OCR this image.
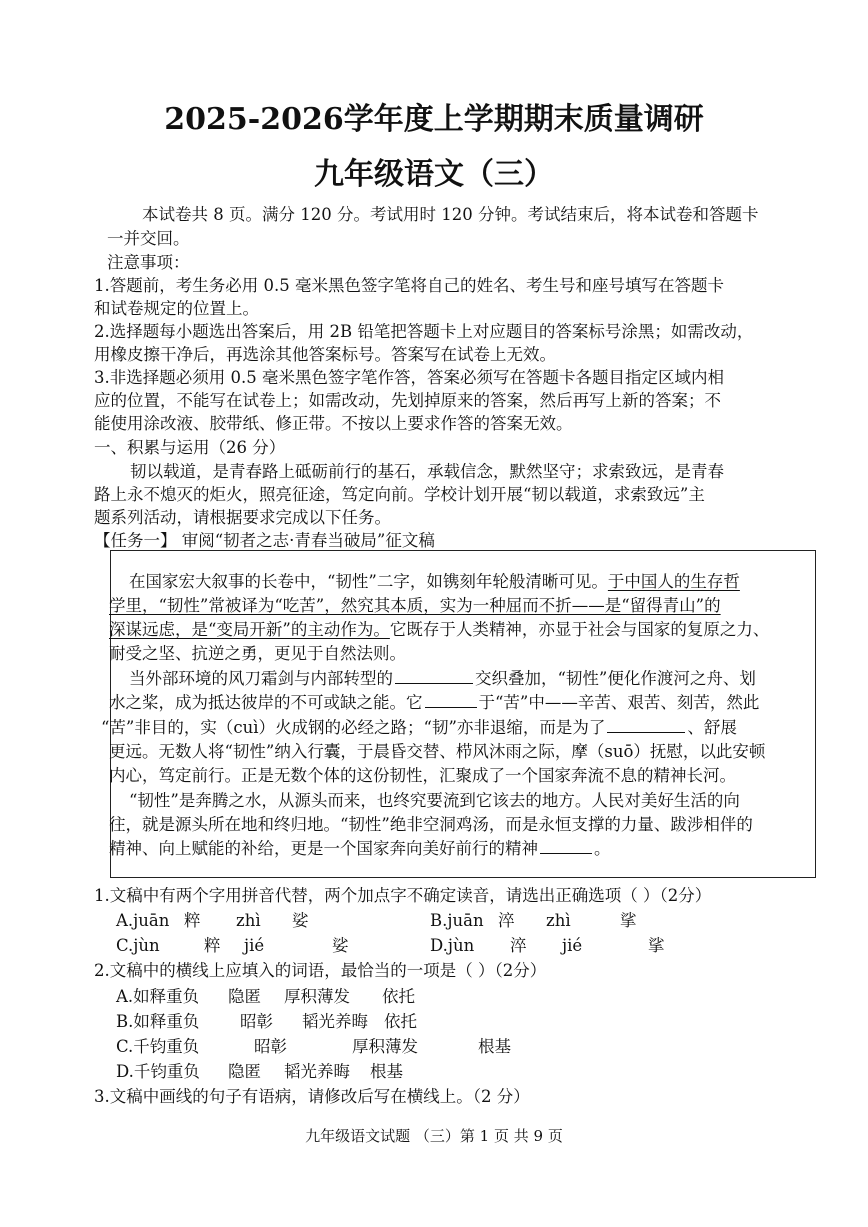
2025-2026学年度上学期期末质量调研
九年级语文（三）
本试卷共 8 页。满分 120 分。考试用时 120 分钟。考试结束后，将本试卷和答题卡
一并交回。
注意事项：
1.答题前，考生务必用 0.5 毫米黑色签字笔将自己的姓名、考生号和座号填写在答题卡
和试卷规定的位置上。
2.选择题每小题选出答案后，用 2B 铅笔把答题卡上对应题目的答案标号涂黑；如需改动，
用橡皮擦干净后，再选涂其他答案标号。答案写在试卷上无效。
3.非选择题必须用 0.5 毫米黑色签字笔作答，答案必须写在答题卡各题目指定区域内相
应的位置，不能写在试卷上；如需改动，先划掉原来的答案，然后再写上新的答案；不
能使用涂改液、胶带纸、修正带。不按以上要求作答的答案无效。
一、积累与运用（26 分）
韧以载道，是青春路上砥砺前行的基石，承载信念，默然坚守；求索致远，是青春
路上永不熄灭的炬火，照亮征途，笃定向前。学校计划开展“韧以载道，求索致远”主
题系列活动，请根据要求完成以下任务。
【任务一】 审阅“韧者之志·青春当破局”征文稿
在国家宏大叙事的长卷中，“韧性”二字，如镌刻年轮般清晰可见。于中国人的生存哲
学里，“韧性”常被译为“吃苦”，然究其本质，实为一种屈而不折——是“留得青山”的
深谋远虑，是“变局开新”的主动作为。它既存于人类精神，亦显于社会与国家的复原之力、
耐受之坚、抗逆之勇，更见于自然法则。
当外部环境的风刀霜剑与内部转型的	交织叠加，“韧性”便化作渡河之舟、划
水之桨，成为抵达彼岸的不可或缺之能。它	于“苦”中——辛苦、艰苦、刻苦，然此
“苦”非目的，实（cuì）火成钢的必经之路；“韧”亦非退缩，而是为了	、舒展
更远。无数人将“韧性”纳入行囊，于晨昏交替、栉风沐雨之际，摩（suō）抚慰，以此安顿
内心，笃定前行。正是无数个体的这份韧性，汇聚成了一个国家奔流不息的精神长河。
“韧性”是奔腾之水，从源头而来，也终究要流到它该去的地方。人民对美好生活的向
往，就是源头所在地和终归地。“韧性”绝非空洞鸡汤，而是永恒支撑的力量、跋涉相伴的
精神、向上赋能的补给，更是一个国家奔向美好前行的精神	。
1.文稿中有两个字用拼音代替，两个加点字不确定读音，请选出正确选项（ ）（2分）
A.juān 粹 zhì 娑	B.juān 淬 zhì	挲
C.jùn	粹 jié	娑	D.jùn 淬 jié	挲
2.文稿中的横线上应填入的词语，最恰当的一项是（ ）（2分）
A.如释重负 隐匿 厚积薄发 依托
B.如释重负 昭彰 韬光养晦 依托
C.千钧重负	昭彰	厚积薄发	根基
D.千钧重负 隐匿 韬光养晦 根基
3.文稿中画线的句子有语病，请修改后写在横线上。（2 分）
九年级语文试题 （三）第 1 页 共 9 页
